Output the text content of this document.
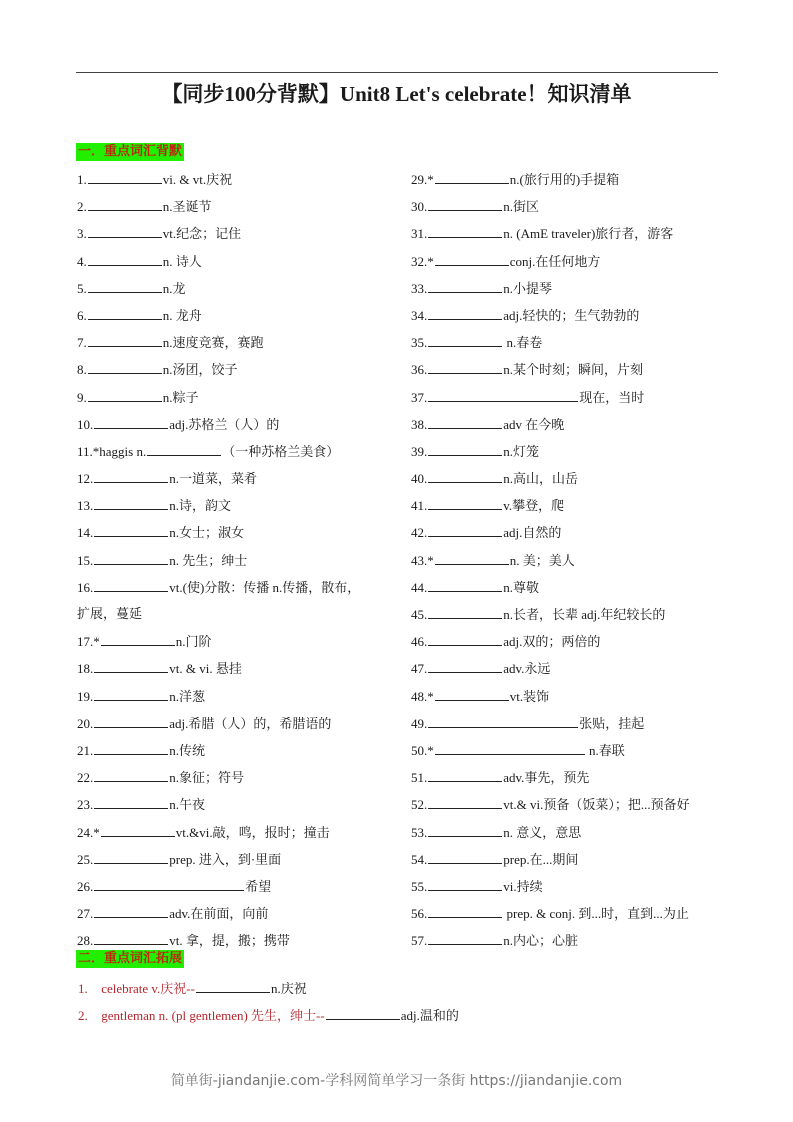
【同步100分背默】Unit8 Let's celebrate！知识清单
一．重点词汇背默
1.	vi. & vt.庆祝
2.	n.圣诞节
3.	vt.纪念；记住
4.	n. 诗人
5.	n.龙
6.	n. 龙舟
7.	n.速度竞赛，赛跑
8.	n.汤团，饺子
9.	n.粽子
10.	adj.苏格兰（人）的
11.*haggis n.	（一种苏格兰美食）
12.	n.一道菜，菜肴
13.	n.诗，韵文
14.	n.女士；淑女
15.	n. 先生；绅士
16.	vt.(使)分散：传播 n.传播，散布，
扩展，蔓延
17.*	n.门阶
18.	vt. & vi. 悬挂
19.	n.洋葱
20.	adj.希腊（人）的，希腊语的
21.	n.传统
22.	n.象征；符号
23.	n.午夜
24.*	vt.&vi.敲，鸣，报时；撞击
25.	prep. 进入，到·里面
26.	希望
27.	adv.在前面，向前
28.	vt. 拿，提，搬；携带
29.*	n.(旅行用的)手提箱
30.	n.街区
31.	n. (AmE traveler)旅行者，游客
32.*	conj.在任何地方
33.	n.小提琴
34.	adj.轻快的；生气勃勃的
35.	n.春卷
36.	n.某个时刻；瞬间，片刻
37.	现在，当时
38.	adv 在今晚
39.	n.灯笼
40.	n.高山，山岳
41.	v.攀登，爬
42.	adj.自然的
43.*	n. 美；美人
44.	n.尊敬
45.	n.长者，长辈 adj.年纪较长的
46.	adj.双的；两倍的
47.	adv.永远
48.*	vt.装饰
49.	张贴，挂起
50.*	n.春联
51.	adv.事先，预先
52.	vt.& vi.预备（饭菜）；把...预备好
53.	n. 意义，意思
54.	prep.在...期间
55.	vi.持续
56.	prep. & conj. 到...时，直到...为止
57.	n.内心；心脏
二．重点词汇拓展
1. celebrate v.庆祝--	n.庆祝
2. gentleman n. (pl gentlemen) 先生，绅士--	adj.温和的
简单街-jiandanjie.com-学科网简单学习一条街 https://jiandanjie.com
